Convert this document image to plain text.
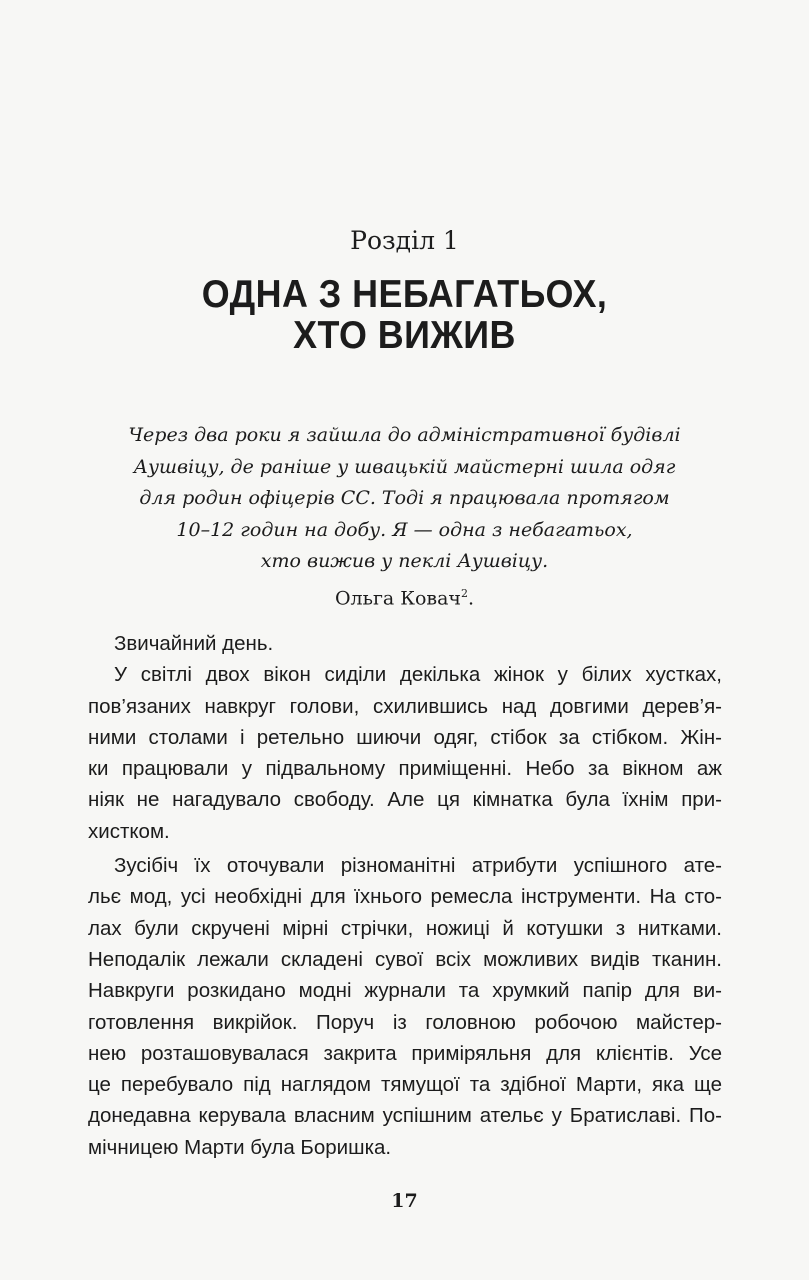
Розділ 1
ОДНА З НЕБАГАТЬОХ,
ХТО ВИЖИВ
Через два роки я зайшла до адміністративної будівлі
Аушвіцу, де раніше у швацькій майстерні шила одяг
для родин офіцерів СС. Тоді я працювала протягом
10–12 годин на добу. Я — одна з небагатьох,
хто вижив у пеклі Аушвіцу.
Ольга Ковач$^2$.
Звичайний день.
У світлі двох вікон сиділи декілька жінок у білих хустках,
пов’язаних навкруг голови, схилившись над довгими дерев’я-
ними столами і ретельно шиючи одяг, стібок за стібком. Жін-
ки працювали у підвальному приміщенні. Небо за вікном аж
ніяк не нагадувало свободу. Але ця кімнатка була їхнім при-
хистком.
Зусібіч їх оточували різноманітні атрибути успішного ате-
льє мод, усі необхідні для їхнього ремесла інструменти. На сто-
лах були скручені мірні стрічки, ножиці й котушки з нитками.
Неподалік лежали складені сувої всіх можливих видів тканин.
Навкруги розкидано модні журнали та хрумкий папір для ви-
готовлення викрійок. Поруч із головною робочою майстер-
нею розташовувалася закрита приміряльня для клієнтів. Усе
це перебувало під наглядом тямущої та здібної Марти, яка ще
донедавна керувала власним успішним ательє у Братиславі. По-
мічницею Марти була Боришка.
17
